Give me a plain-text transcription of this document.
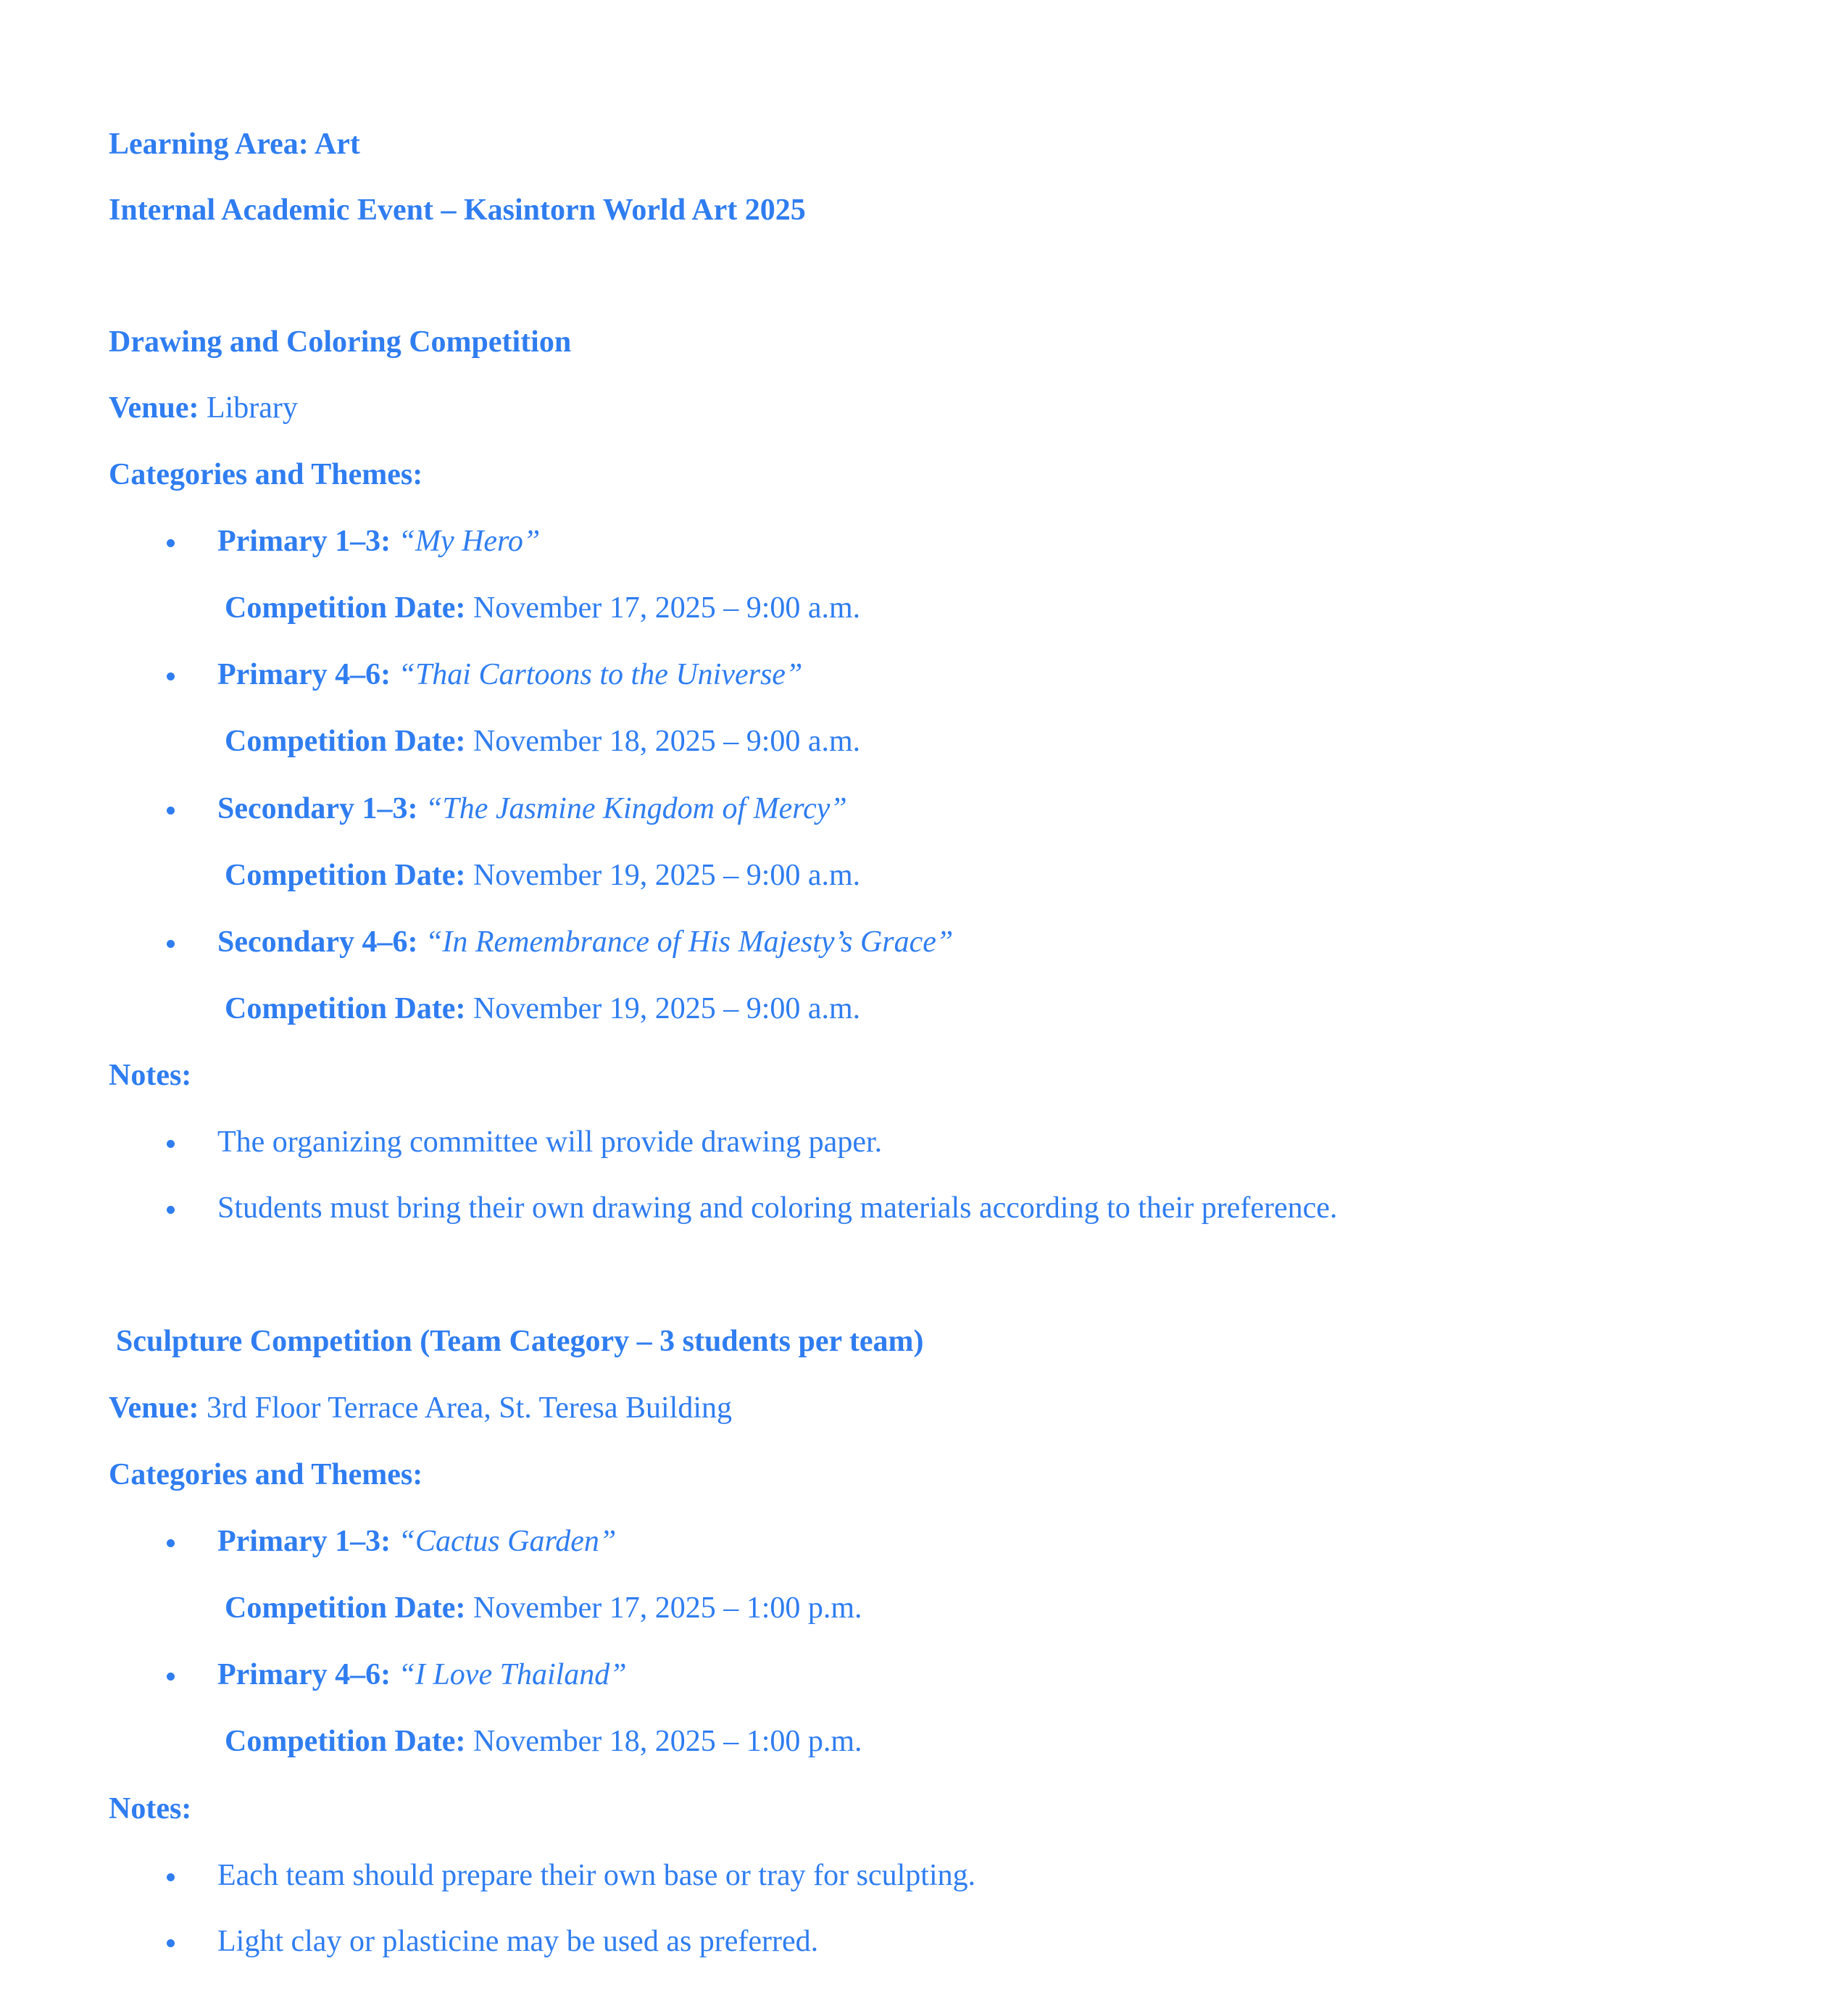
Learning Area: Art
Internal Academic Event – Kasintorn World Art 2025
Drawing and Coloring Competition
Venue: Library
Categories and Themes:
Primary 1–3: “My Hero”
Competition Date: November 17, 2025 – 9:00 a.m.
Primary 4–6: “Thai Cartoons to the Universe”
Competition Date: November 18, 2025 – 9:00 a.m.
Secondary 1–3: “The Jasmine Kingdom of Mercy”
Competition Date: November 19, 2025 – 9:00 a.m.
Secondary 4–6: “In Remembrance of His Majesty’s Grace”
Competition Date: November 19, 2025 – 9:00 a.m.
Notes:
The organizing committee will provide drawing paper.
Students must bring their own drawing and coloring materials according to their preference.
Sculpture Competition (Team Category – 3 students per team)
Venue: 3rd Floor Terrace Area, St. Teresa Building
Categories and Themes:
Primary 1–3: “Cactus Garden”
Competition Date: November 17, 2025 – 1:00 p.m.
Primary 4–6: “I Love Thailand”
Competition Date: November 18, 2025 – 1:00 p.m.
Notes:
Each team should prepare their own base or tray for sculpting.
Light clay or plasticine may be used as preferred.
